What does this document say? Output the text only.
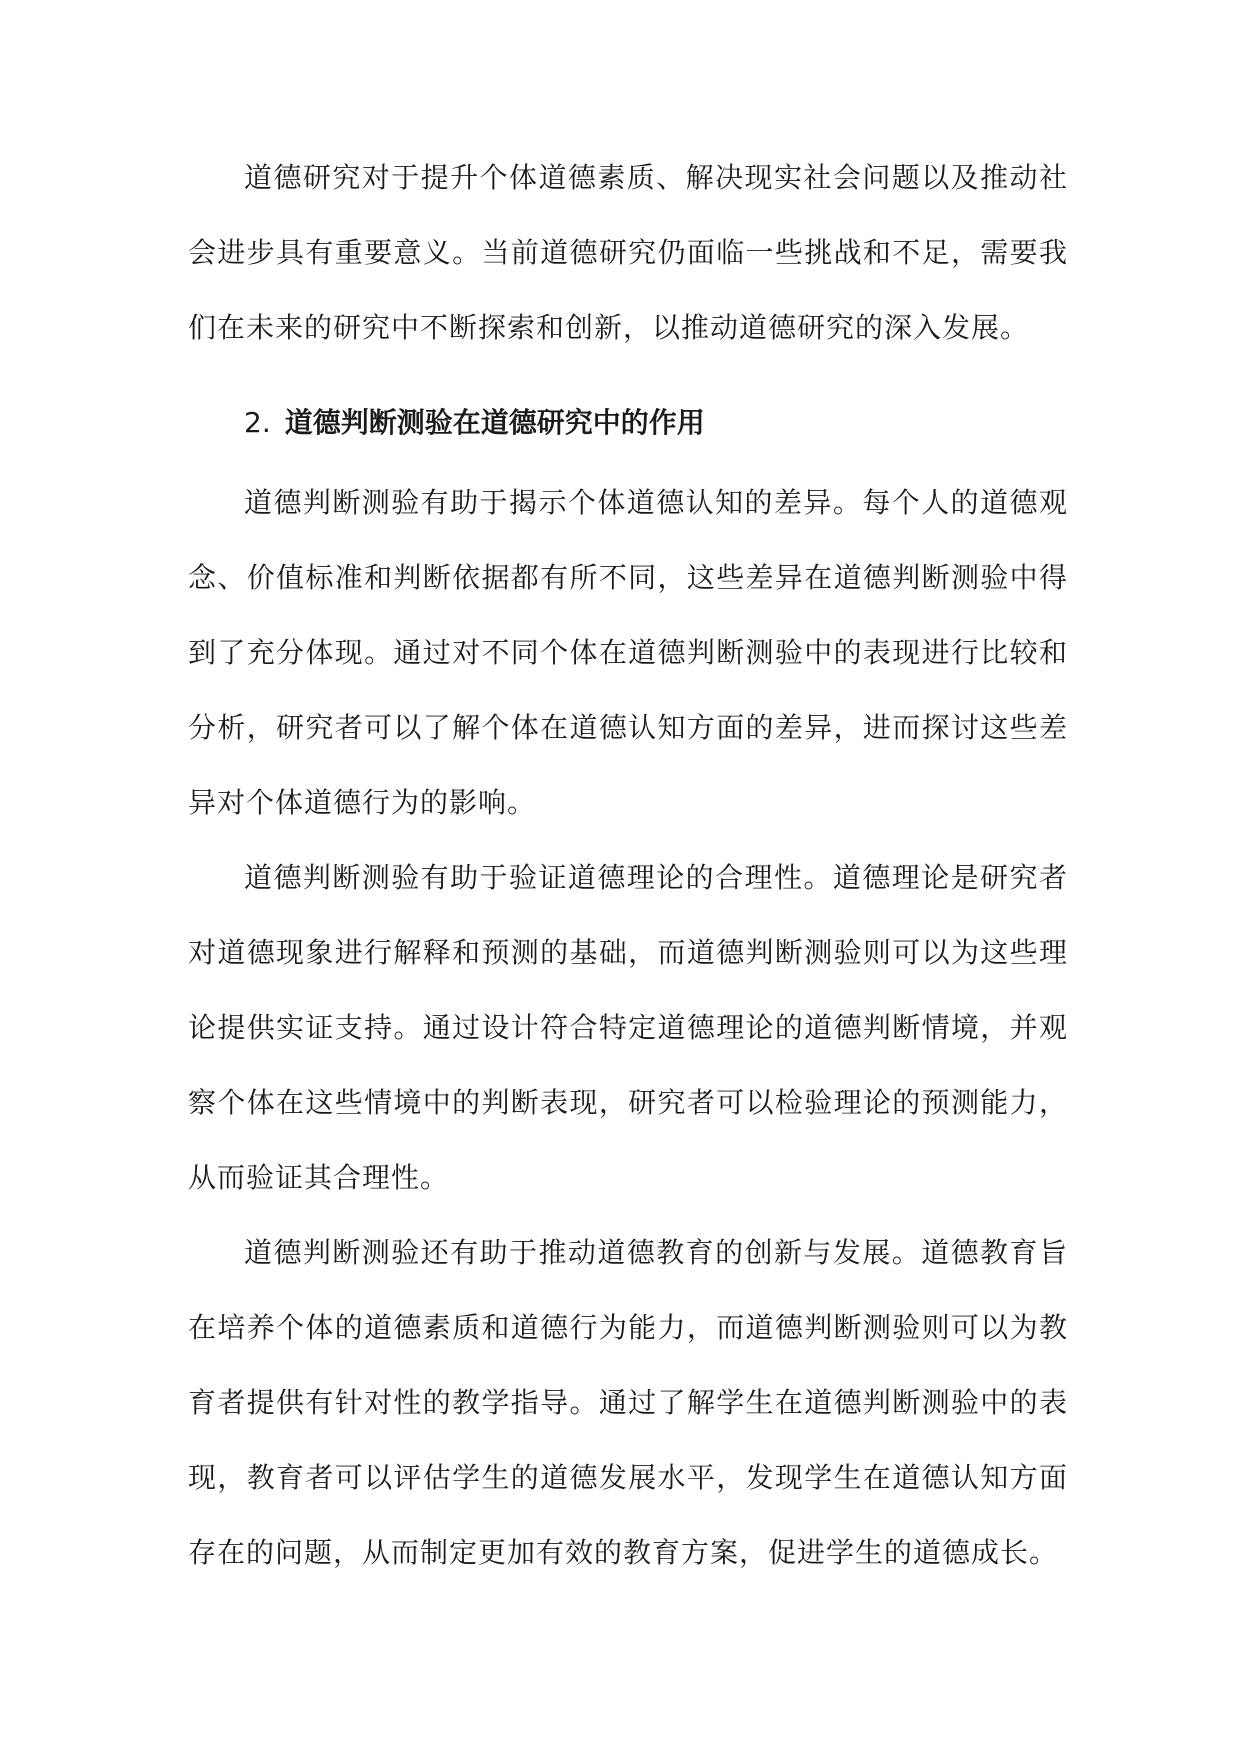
道德研究对于提升个体道德素质、解决现实社会问题以及推动社会进步具有重要意义。当前道德研究仍面临一些挑战和不足，需要我们在未来的研究中不断探索和创新，以推动道德研究的深入发展。

2. 道德判断测验在道德研究中的作用

道德判断测验有助于揭示个体道德认知的差异。每个人的道德观念、价值标准和判断依据都有所不同，这些差异在道德判断测验中得到了充分体现。通过对不同个体在道德判断测验中的表现进行比较和分析，研究者可以了解个体在道德认知方面的差异，进而探讨这些差异对个体道德行为的影响。

道德判断测验有助于验证道德理论的合理性。道德理论是研究者对道德现象进行解释和预测的基础，而道德判断测验则可以为这些理论提供实证支持。通过设计符合特定道德理论的道德判断情境，并观察个体在这些情境中的判断表现，研究者可以检验理论的预测能力，从而验证其合理性。

道德判断测验还有助于推动道德教育的创新与发展。道德教育旨在培养个体的道德素质和道德行为能力，而道德判断测验则可以为教育者提供有针对性的教学指导。通过了解学生在道德判断测验中的表现，教育者可以评估学生的道德发展水平，发现学生在道德认知方面存在的问题，从而制定更加有效的教育方案，促进学生的道德成长。
